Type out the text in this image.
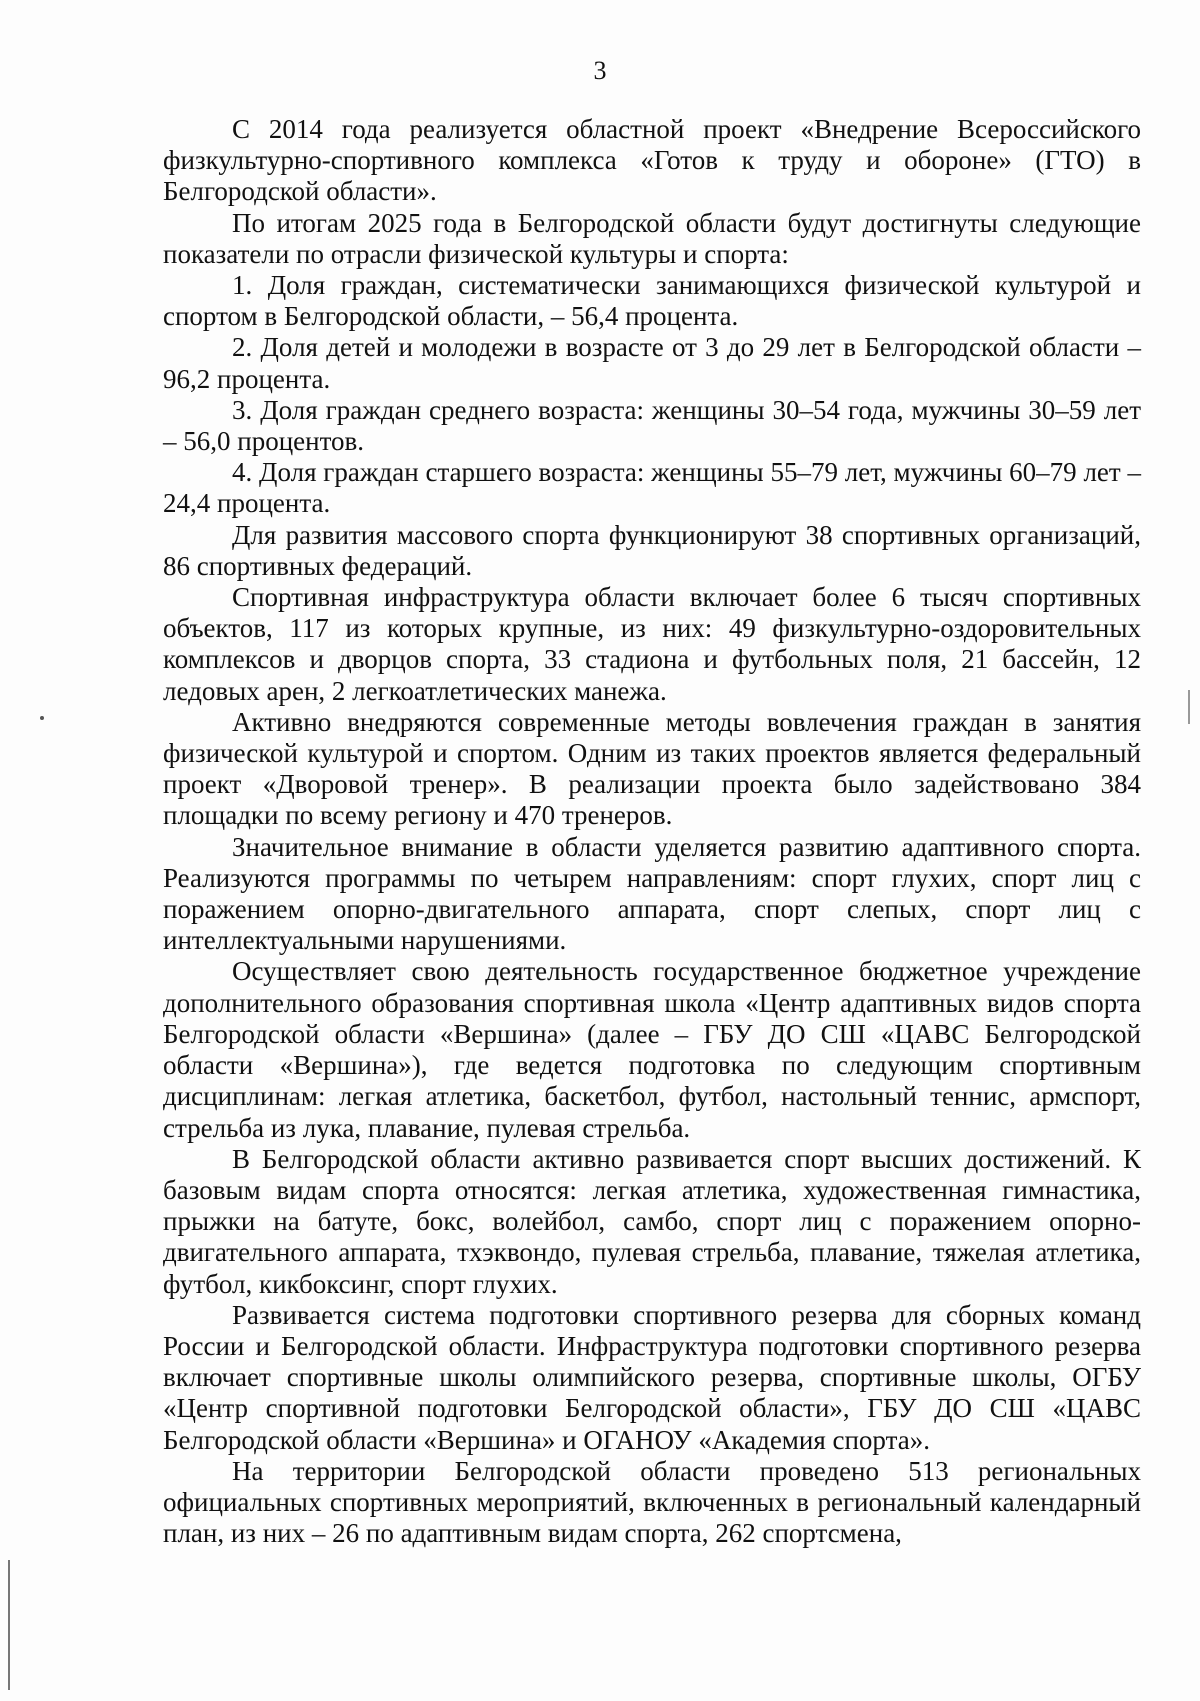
3

С 2014 года реализуется областной проект «Внедрение Всероссийского физкультурно-спортивного комплекса «Готов к труду и обороне» (ГТО) в Белгородской области».

По итогам 2025 года в Белгородской области будут достигнуты следующие показатели по отрасли физической культуры и спорта:

1. Доля граждан, систематически занимающихся физической культурой и спортом в Белгородской области, – 56,4 процента.

2. Доля детей и молодежи в возрасте от 3 до 29 лет в Белгородской области – 96,2 процента.

3. Доля граждан среднего возраста: женщины 30–54 года, мужчины 30–59 лет – 56,0 процентов.

4. Доля граждан старшего возраста: женщины 55–79 лет, мужчины 60–79 лет – 24,4 процента.

Для развития массового спорта функционируют 38 спортивных организаций, 86 спортивных федераций.

Спортивная инфраструктура области включает более 6 тысяч спортивных объектов, 117 из которых крупные, из них: 49 физкультурно-оздоровительных комплексов и дворцов спорта, 33 стадиона и футбольных поля, 21 бассейн, 12 ледовых арен, 2 легкоатлетических манежа.

Активно внедряются современные методы вовлечения граждан в занятия физической культурой и спортом. Одним из таких проектов является федеральный проект «Дворовой тренер». В реализации проекта было задействовано 384 площадки по всему региону и 470 тренеров.

Значительное внимание в области уделяется развитию адаптивного спорта. Реализуются программы по четырем направлениям: спорт глухих, спорт лиц с поражением опорно-двигательного аппарата, спорт слепых, спорт лиц с интеллектуальными нарушениями.

Осуществляет свою деятельность государственное бюджетное учреждение дополнительного образования спортивная школа «Центр адаптивных видов спорта Белгородской области «Вершина» (далее – ГБУ ДО СШ «ЦАВС Белгородской области «Вершина»), где ведется подготовка по следующим спортивным дисциплинам: легкая атлетика, баскетбол, футбол, настольный теннис, армспорт, стрельба из лука, плавание, пулевая стрельба.

В Белгородской области активно развивается спорт высших достижений. К базовым видам спорта относятся: легкая атлетика, художественная гимнастика, прыжки на батуте, бокс, волейбол, самбо, спорт лиц с поражением опорно-двигательного аппарата, тхэквондо, пулевая стрельба, плавание, тяжелая атлетика, футбол, кикбоксинг, спорт глухих.

Развивается система подготовки спортивного резерва для сборных команд России и Белгородской области. Инфраструктура подготовки спортивного резерва включает спортивные школы олимпийского резерва, спортивные школы, ОГБУ «Центр спортивной подготовки Белгородской области», ГБУ ДО СШ «ЦАВС Белгородской области «Вершина» и ОГАНОУ «Академия спорта».

На территории Белгородской области проведено 513 региональных официальных спортивных мероприятий, включенных в региональный календарный план, из них – 26 по адаптивным видам спорта, 262 спортсмена,
